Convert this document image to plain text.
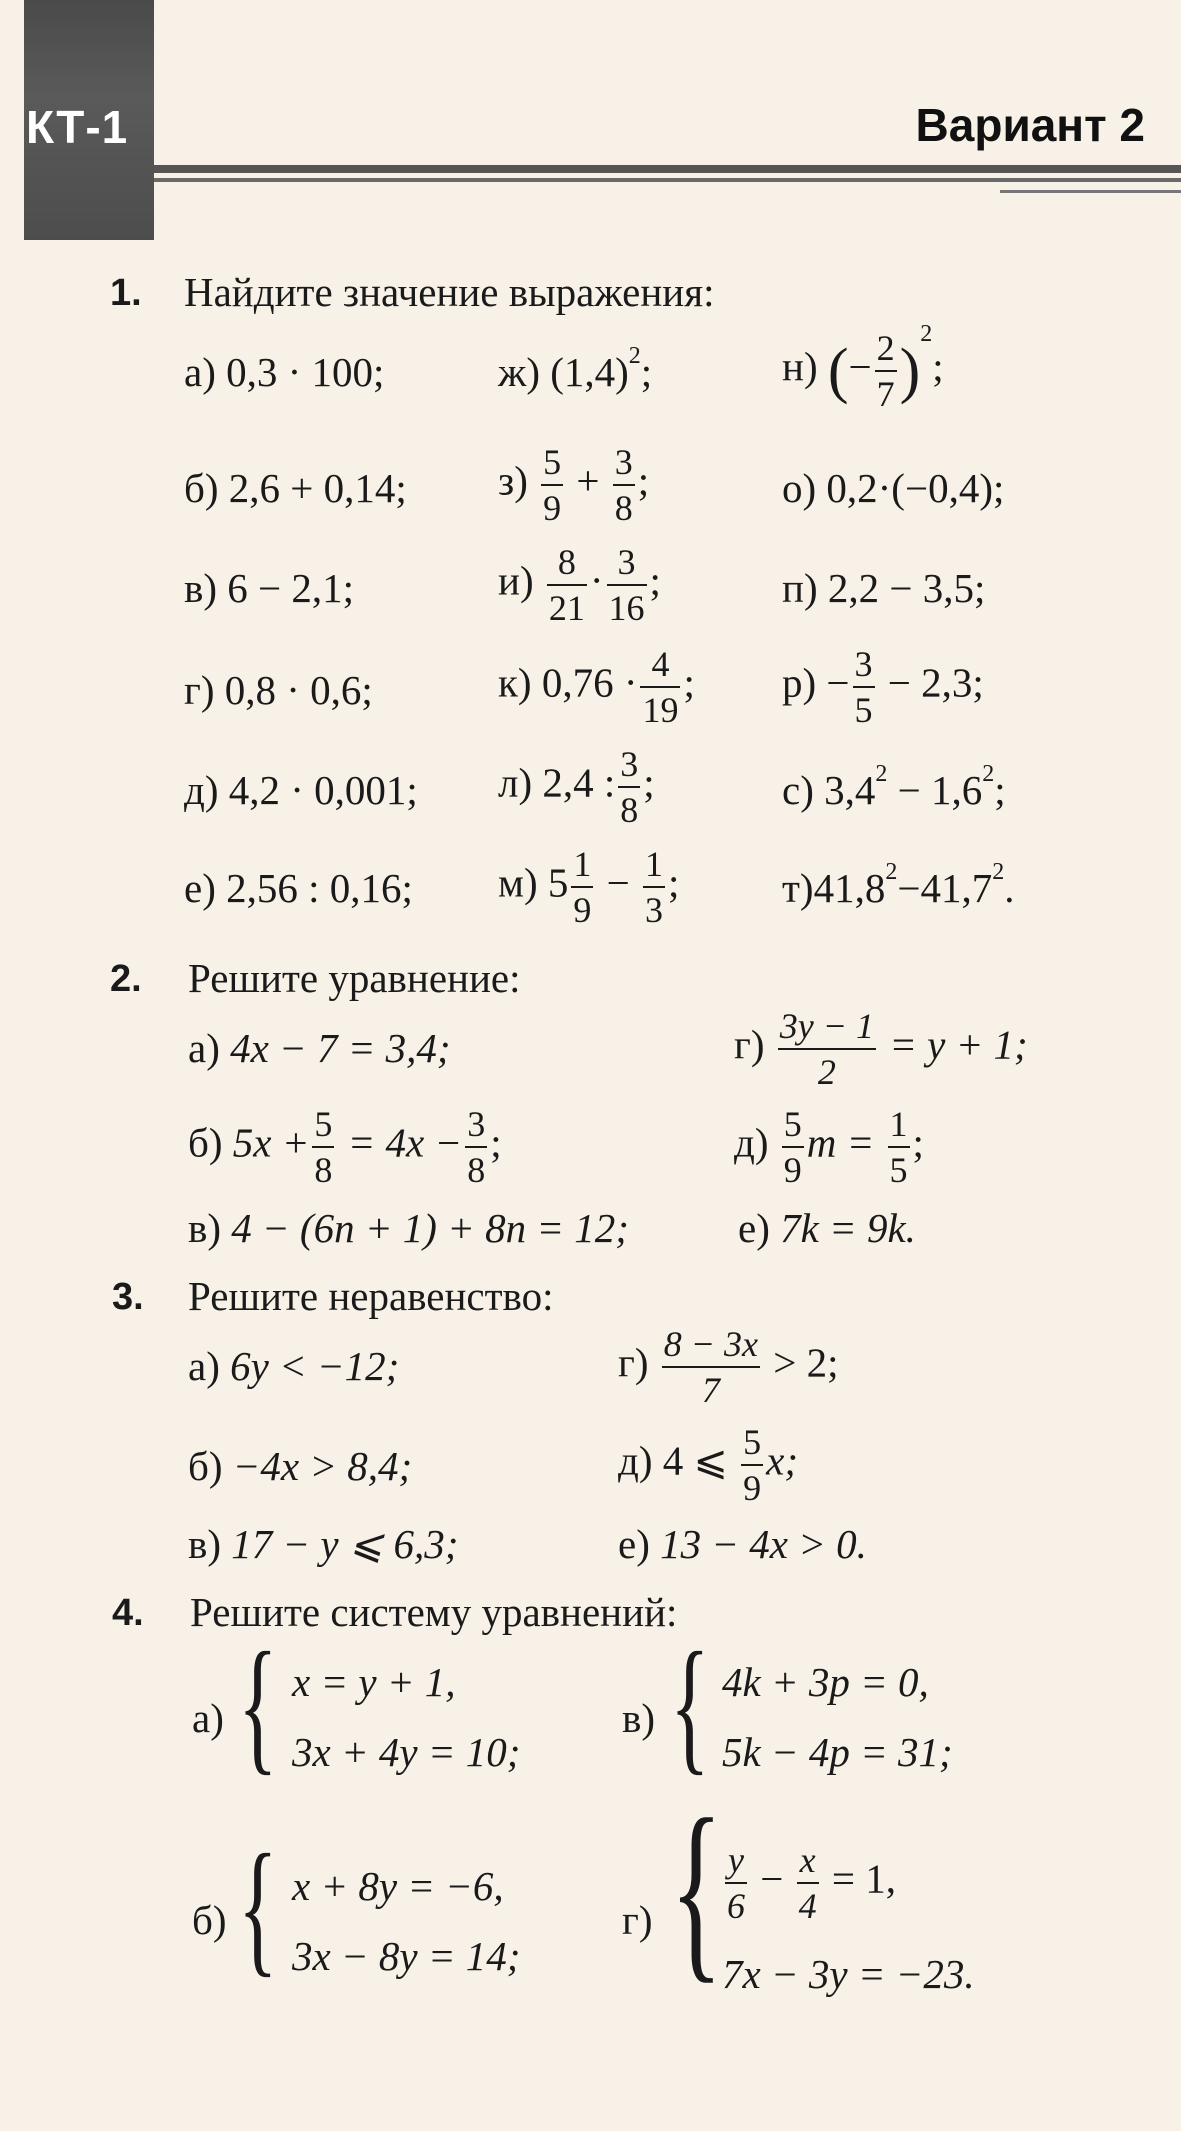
КТ-1	Вариант 2
1. Найдите значение выражения:
а) 0,3 · 100;
б) 2,6 + 0,14;
в) 6 − 2,1;
г) 0,8 · 0,6;
д) 4,2 · 0,001;
е) 2,56 : 0,16;
ж) $(1,4)^2$;
$з) \frac{5}{9} + \frac{3}{8}$ ;
$и) \frac{8}{21} \cdot \frac{3}{16}$ ;
к) $0,76 \cdot \frac{4}{19}$ ;
л) 2,4 : $\frac{3}{8}$ ;
м) $5 \frac{1}{9} - \frac{1}{3}$ ;
н) (− $\frac{2}{7} )^2$;
о) 0,2·(−0,4);
п) 2,2 − 3,5;
$р) - \frac{3}{5} - 2,3$;
с) $3,4^2 - 1,6^2$;
$т)41,8^2-41,7^2$.
2. Решите уравнение:
а) 4x − 7 = 3,4;
б) $5x + \frac{5}{8} = 4x - \frac{3}{8}$ ;
в) 4 − (6n + 1) + 8n = 12;
$г) \frac{3y - 1}{2} = y + 1$;
$д) \frac{5}{9}$ $m = \frac{1}{5}$ ;
е) 7k = 9k.
3. Решите неравенство:
а) 6y < −12;
б) −4x > 8,4;
в) 17 − y ⩽ 6,3;
$г) \frac{8 - 3x}{7} > 2$;
д) 4 ⩽ $\frac{5}{9} x$;
е) 13 − 4x > 0.
4. Решите систему уравнений:
а) { x = y + 1,
3x + 4y = 10;
б) { x + 8y = −6,
3x − 8y = 14;
в) { 4k + 3p = 0,
5k − 4p = 31;
г) { $\frac{y}{6} - \frac{x}{4} = 1$,
7x − 3y = −23.
